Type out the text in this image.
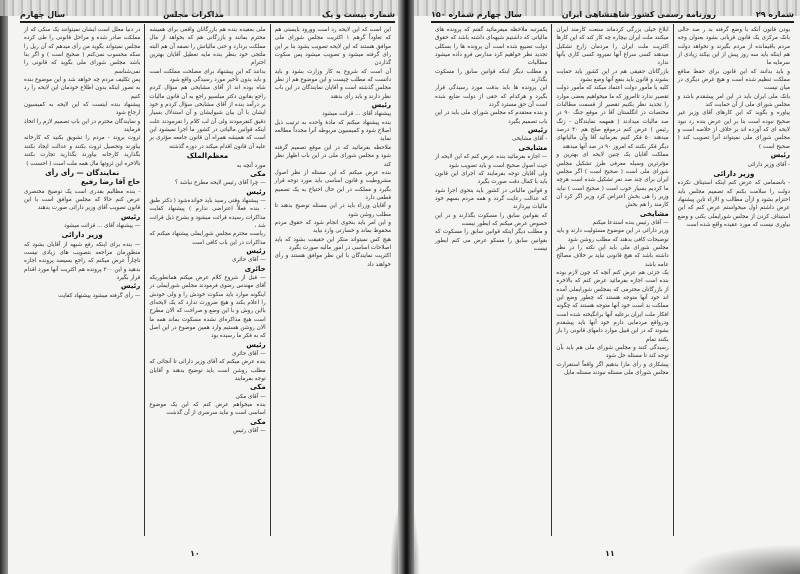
شماره بیست و یک
مذاکرات مجلس
سال چهارم

این است که این لایحه رد است وورود بایستی هم که تعاوداً گرهم ۱ اکثریت مجلس شورای ملی موافق هستند که این لایحه تصویب بشود بنا بر این رای گرفته میشود و تصویب میشود پس سکوت گذاردن

آن است که شروع به کار وزارت بشود و باید دانست که مطلب چیست و این موضوع هم از نظر مجلس گذشته است و آقایان نمایندگان در این باب نظر دارند و باید رأی بدهند

رئیس

پیشنهاد آقای ... قرائت میشود

بنده پیشنهاد میکنم که مادهٔ واحده به ترتیب ذیل اصلاح شود و کمیسیون مربوطه آنرا مجدداً مطالعه نماید

ملاحظه بفرمائید که در این موقع تصمیم گرفته شود و مجلس شورای ملی در این باب اظهار نظر کند

بنده عرض میکنم که این مسئله از نظر اصول مشروطیت و قانون اساسی باید مورد توجه قرار بگیرد و مملکت در این حال احتیاج به یک تصمیم قطعی دارد

و آقایان وزراء باید در این مسئله توضیح بدهند تا مطلب روشن شود

و این امر باید بنحوی انجام شود که حقوق مردم محفوظ بماند و خسارتی وارد نیاید

هیچ کس نمیتواند منکر این حقیقت بشود که باید اصلاحات اساسی در امور مالیه صورت بگیرد

اکثریت نمایندگان با این نظر موافق هستند و رأی خواهند داد

ملی بعقیده بنده هم بازرگانان واقعی برای همیشه محترم بمانند و بازرگانی هم که بخواهد از مال مملکت بردارد و حتی مالیاتش را نصفه آن هم البته ملتجی خود بنظر بنده مایه تعطیل آقایان بهترین احترام

بدانند که این پیشنهاد برای مصلحت مملکت است و باید بدون تأخیر مورد رسیدگی واقع شود

شاه بوده اند از آقای مشایخی هم سؤال کردم راجع بقانون دکتر میلسپو راجع به آن قانون مالیات بر درآمد بنده از آقای مشایخی سؤال کردم و خود ایشان با آن بیان شیوایشان و آن استدلال بسیار دقیق کنفرمودند ولی آن لب کلام را نفرمودند علت اینکه قوانین مالیاتی در کشور ما اجرا نمیشود این است که همیشه همراه آن قانون جامعه مؤثری بر علیه آن قانون اقدام میکند در دوره گذشته

معظم‌الملک

مورد آنچه به

مکی

— چرا آقای رئیس لایحه مطرح نباشد ؟

رئیس

— پیشنهاد وقتی رسید باید خوانده‌شود ( دکتر طبق - بنده فعلاً اعتراضی ندارم ) پیشنهاد کفایت مذاکرات رسیده قرائت میشود و بشرح ذیل قرائت شد ،

ریاست محترم مجلس شورایملی پیشنهاد میکنم که مذاکرات در این باب کافی است

رئیس

— آقای حائری

حائری

— قبل از شروع کلام عرض میکنم همانطوریکه آقای مهندس رضوی فرمودند مجلس شورایملی در اینگونه موارد باید سکوت خودش را و ولی خودش را اعلام بکند و هیچ ضرورت ندارد که یک لایحه‌ای بااین روش و با این وضع و صراحت که الان مطرح است هیچ مذاکره‌ای نشده مسکوت بماند همه ما الان روشن هستیم وارد همین موضوع در این اصل که به فکر ما رسیده بود

رئیس

— آقای حائری

بنده عرض میکنم که آقای وزیر دارائی تا آنجائی که مطلب روشن است باید توضیح بدهند و آقایان توجه بفرمایند

مکی

— آقای مکی

بنده میخواهم عرض کنم که این یک موضوع اساسی است و نباید سرسری از آن گذشت

مکی

— آقای رئیس

در دنیا معلل است ایشان نمیتوانند یک سکی که از مملکت صادر شده و مراحل قانونی را طی کرده مجلس نمیتواند بگوید من رأی میدهم که آن ریل را سکه محسوب نمی‌کنم ( صحیح است ) و اگر بنا باشد مجلس شورای ملی بگوید که قانونی را نمی‌شناسم

پس تکلیف مردم چه خواهد شد و این موضوع بنده به تصور اینکه بدون اطلاع خودمان این لایحه را رد کنیم

پیشنهاد بنده اینست که این لایحه به کمیسیون ارجاع شود

و نمایندگان محترم در این باب تصمیم لازم را اتخاذ فرمایند

ثروت بروند - مردم را تشویق بکنید که کارخانه بیاورند وتحصیل ثروت بکنند و عدالت ایجاد بکنند بگذارید کارخانه بیاورند بگذارید تجارت بکنند بالاخره این ثروتها مال همه ملت است ( احسنت )

نمایندگان — رأی رأی
حاج آقا رضا رفیع

- بنده مطالبم بقدری است یک توضیح مختصری عرض کنم حالا که مجلس موافق است با این قانون تصویب آقای وزیر دارائی صورت بدهند

رئیس

— پیشنهاد آقای ... قرائت میشود

وزیر دارائی

— بنده برای اینکه رفع شبهه از آقایان بشود که منظورمان مراجعه بتصویب های زیادی نیست ناچاراً عرض میکنم که راجع بسیصد پرونده اجازه بدهید و این ۳۰۰ پرونده هم اکثریت آنها مورد اقدام قرار بگیرد

رئیس

— رأی گرفته میشود پیشنهاد کفایت

۱۰
شماره ۲۹
روزنامه رسمی کشور شاهنشاهی ایران
سال چهارم شماره ۱۵۰

بودن قانون آنکه با وضع گرفته بد ر صد حالی بانک مرکزی یک قانون قربانی بشود بعنوان وجه مردم باقیمانده از مردم بگیرند و نخواهد دولت هم اینکه باید سه روز پیش از این بیکند زیادی از سرمایه ما

و باید بدانند که این قانون برای حفظ منافع مملکت تنظیم شده است و هیچ غرض دیگری در میان نیست

بانک ملی ایران باید در این امر پیشقدم باشد و مجلس شورای ملی از آن حمایت کند

پیاوره و بگوید که این کارهای آقای وزیر غیر صحیح نبوده است بنا بر این عرض بنده رد نبود لایحه ای که آورده اند بر خلاف از خلاصه است و مجلس شورای ملی نمیتواند آنرا تصویب کند ( صحیح است )

رئیس

- آقای وزیر دارائی

وزیر دارائی

- بانضمامی که عرض کنم اینکه استیناف نکرده دولت را سلامت بکنم که تصمیم مجلس باید احترام بشود و ازآن مطالب و الاراء تاین پیشنهاد عرض داشتم اول میخواستم عرض کنم که این استیناف کردن از مجلس شورایملی بکنی و وضع بیاوری نیست که مورد عقیده واقع شده است

ابلاغ خیلی بزرگی کردماند سنعت کارمند ایران میکنند ملت ایران بیچاره چه کار کند که این کارها اکثریت ملت ایران را مردمان زارع تشکیل میدهند کسی سراغ آنها نمیرود کسی کاری بآنها ندارد

بازرگانان حقیقی هم در این کشور باید حمایت بشوند و قانون باید بنفع آنها وضع بشود

کلیه یا مأمور دولت اعتماد میکند که مأمور دولت تقصیر ندارد تاامروز که ما میخواهیم بعضی موارد را تجدید نظر بکنیم تقصیر از قسمت مطالبات مختصات در انگلستان آقا در موقع جنگ ۹۰ در صد مالیات میدادند ( همهمه نمایندگان - زنگ رئیس ) عرض کنم درموقع صلح هم ۴۰ درصد میدهند ۵۰ فکر کنیم بفرمائید آقا وآن مالیاتهای دیگر فکر بکنند که امروز ۹۰ در صد آنها میدهند

مملکت آقایان یک چنین لایحه ای بهترین و مؤثرترین وسیله معرفی طرز تشکیل مجلس شورای ملی است ( صحیح است ) اگر مجلس ایران برای چند صد نفر تشکیل شده است هرچه ما کردیم بسیار خوب است ( صحیح است ) نباید وزیر را هی بخش اعتراض کرد وزیر اگر کرد آن کارمند را هم بخش

مشایخی

— آقای رئیس بنده استدعا میکنم

وزیر دارائی در این موضوع مسئولیت دارند و باید توضیحات کافی بدهند که مطلب روشن شود

مجلس شورای ملی باید این نکته را در نظر داشته باشد که هیچ قانونی نباید بر خلاف مصالح عامه باشد

یک جزئی هم عرض کنم آنچه که چون لازم بوده بنده است اجازه بفرمائید عرض کنم که بالاخره از بازرگانان محترمی که بمجلس شورایملی آمده اند خود آنها متوجه هستند که چطور وضع این مملکت بد است خود آنها متوجه هستند که چگونه افکار ملت ایران برعلیه آنها برانگیخته شده است ودرواقع مردمایی دارم خود آنها باید پیشقدم بشوند که در این قبیل موارد دامهای قانونی را باز بکنند تمام

رسیدگی کنند و مجلس شورای ملی هم باید بآن توجه کند تا مسئله حل شود

پیشکاری و رأی مارا بدهیم اگر واقعاً استقرارت مجلس شورای ملی مسئله نبودند مسئله مایل

یکمرتبه ملاحظه میفرمائید گفتم که پرونده های مالیاتی که داشتیم شبهه‌ای داشته باشد که حقوق دولت تضییع شده است آن پرونده ها را بسکلی تجدید نظر خواهیم کرد مدارس فرو داده میشود مطالبات

و مطلب دیگر اینکه قوانین سابق را مسکوت بگذارند

این پرونده ها باید بدقت مورد رسیدگی قرار بگیرد و هرکدام که حقی از دولت ضایع شده است آن حق مسترد گردد

و بنده معتقدم که مجلس شورای ملی باید در این باب تصمیم بگیرد

رئیس

- آقای مشایخی

مشایخی

— اجازه بفرمائید بنده عرض کنم که این لایحه از حیث اصول صحیح است و باید تصویب شود

ولی آقایان توجه بفرمایند که اجرای این قانون باید با کمال دقت صورت بگیرد

و قوانین مالیاتی در کشور باید بنحوی اجرا شود که عدالت رعایت گردد و همه مردم بسهم خود مالیات بپردازند

که بقوانین سابق را مسکوت بگذارند و در این خصوص عرض میکنم که ایطور نیست

و مطلب دیگر اینکه قوانین سابق را مسکوت که بقوانین سابق را مسکو عرض می کنم ایطور نیست

۱۱
